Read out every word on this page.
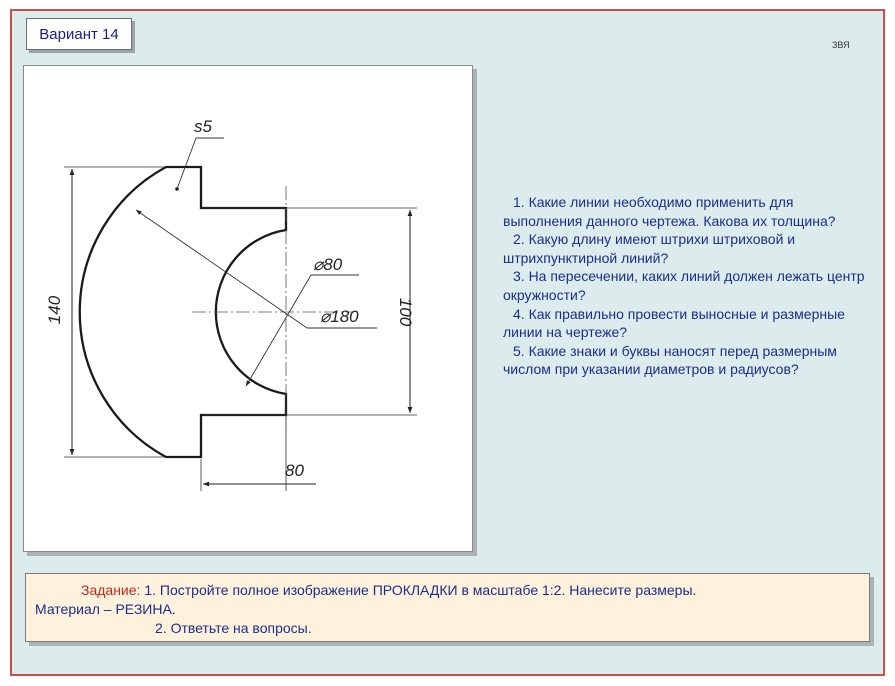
Вариант 14
ЗВЯ
s5
140	100
80
⌀80
⌀180

1. Какие линии необходимо применить для выполнения данного чертежа. Какова их толщина?

2. Какую длину имеют штрихи штриховой и штрихпунктирной линий?

3. На пересечении, каких линий должен лежать центр окружности?

4. Как правильно провести выносные и размерные линии на чертеже?

5. Какие знаки и буквы наносят перед размерным числом при указании диаметров и радиусов?

Задание: 1. Постройте полное изображение ПРОКЛАДКИ в масштабе 1:2. Нанесите размеры.
Материал – РЕЗИНА.
2. Ответьте на вопросы.
